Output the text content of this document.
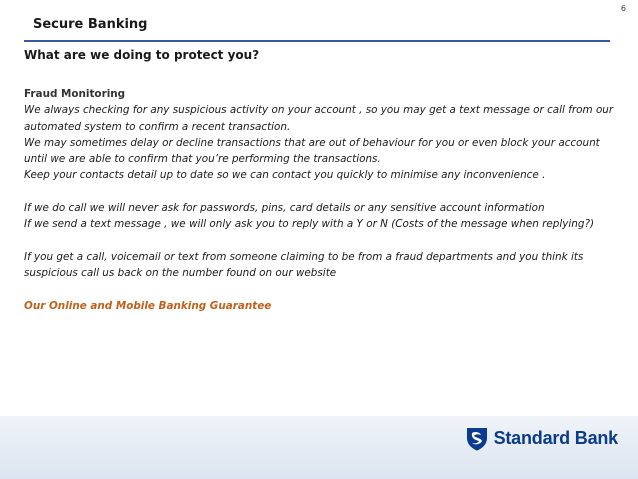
6
Secure Banking
What are we doing to protect you?

Fraud Monitoring

We always checking for any suspicious activity on your account , so you may get a text message or call from our automated system to confirm a recent transaction.

We may sometimes delay or decline transactions that are out of behaviour for you or even block your account until we are able to confirm that you’re performing the transactions.

Keep your contacts detail up to date so we can contact you quickly to minimise any inconvenience .

If we do call we will never ask for passwords, pins, card details or any sensitive account information

If we send a text message , we will only ask you to reply with a Y or N (Costs of the message when replying?)

If you get a call, voicemail or text from someone claiming to be from a fraud departments and you think its suspicious call us back on the number found on our website

Our Online and Mobile Banking Guarantee

Standard Bank
